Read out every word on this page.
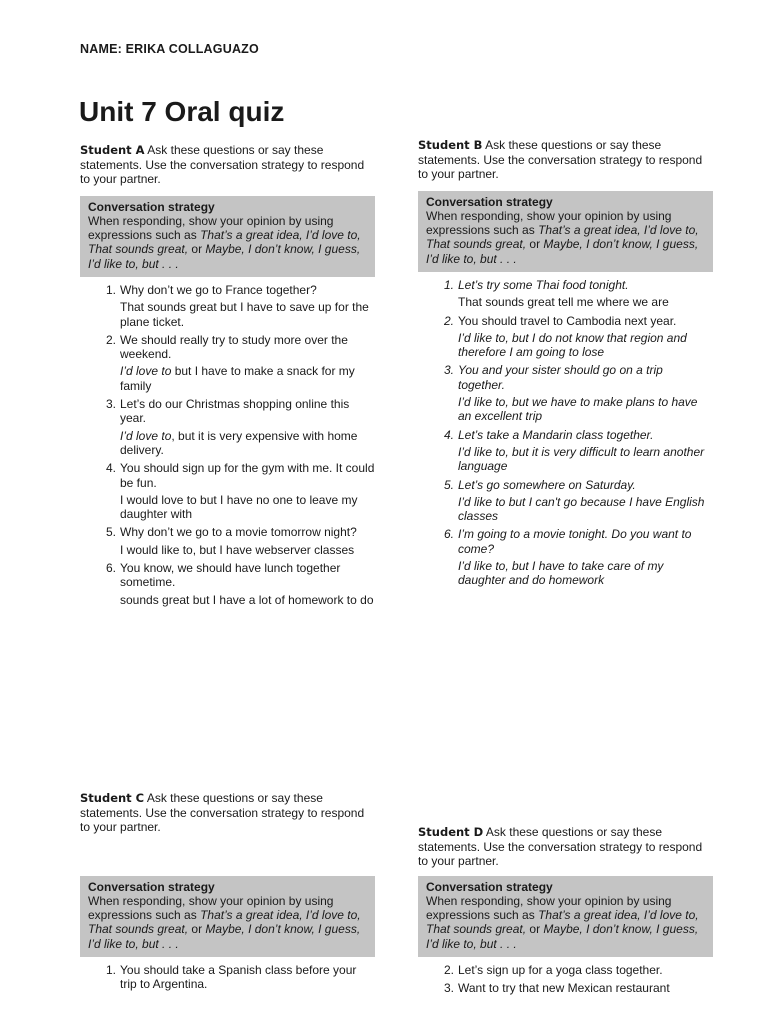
NAME: ERIKA COLLAGUAZO
Unit 7 Oral quiz
Student A Ask these questions or say these statements. Use the conversation strategy to respond to your partner.
Conversation strategy
When responding, show your opinion by using expressions such as That’s a great idea, I’d love to, That sounds great, or Maybe, I don’t know, I guess, I’d like to, but . . .
1. Why don’t we go to France together?
That sounds great but I have to save up for the plane ticket.
2. We should really try to study more over the weekend.
I’d love to but I have to make a snack for my family
3. Let’s do our Christmas shopping online this year.
I’d love to, but it is very expensive with home delivery.
4. You should sign up for the gym with me. It could be fun.
I would love to but I have no one to leave my daughter with
5. Why don’t we go to a movie tomorrow night?
I would like to, but I have webserver classes
6. You know, we should have lunch together sometime.
sounds great but I have a lot of homework to do
Student B Ask these questions or say these statements. Use the conversation strategy to respond to your partner.
Conversation strategy
When responding, show your opinion by using expressions such as That’s a great idea, I’d love to, That sounds great, or Maybe, I don’t know, I guess, I’d like to, but . . .
1. Let’s try some Thai food tonight.
That sounds great tell me where we are
2. You should travel to Cambodia next year.
I’d like to, but I do not know that region and therefore I am going to lose
3. You and your sister should go on a trip together.
I’d like to, but we have to make plans to have an excellent trip
4. Let’s take a Mandarin class together.
I’d like to, but it is very difficult to learn another language
5. Let’s go somewhere on Saturday.
I’d like to but I can't go because I have English classes
6. I’m going to a movie tonight. Do you want to come?
I’d like to, but I have to take care of my daughter and do homework
Student C Ask these questions or say these statements. Use the conversation strategy to respond to your partner.
Conversation strategy
When responding, show your opinion by using expressions such as That’s a great idea, I’d love to, That sounds great, or Maybe, I don’t know, I guess, I’d like to, but . . .
1. You should take a Spanish class before your trip to Argentina.
Student D Ask these questions or say these statements. Use the conversation strategy to respond to your partner.
Conversation strategy
When responding, show your opinion by using expressions such as That’s a great idea, I’d love to, That sounds great, or Maybe, I don’t know, I guess, I’d like to, but . . .
2. Let’s sign up for a yoga class together.
3. Want to try that new Mexican restaurant
